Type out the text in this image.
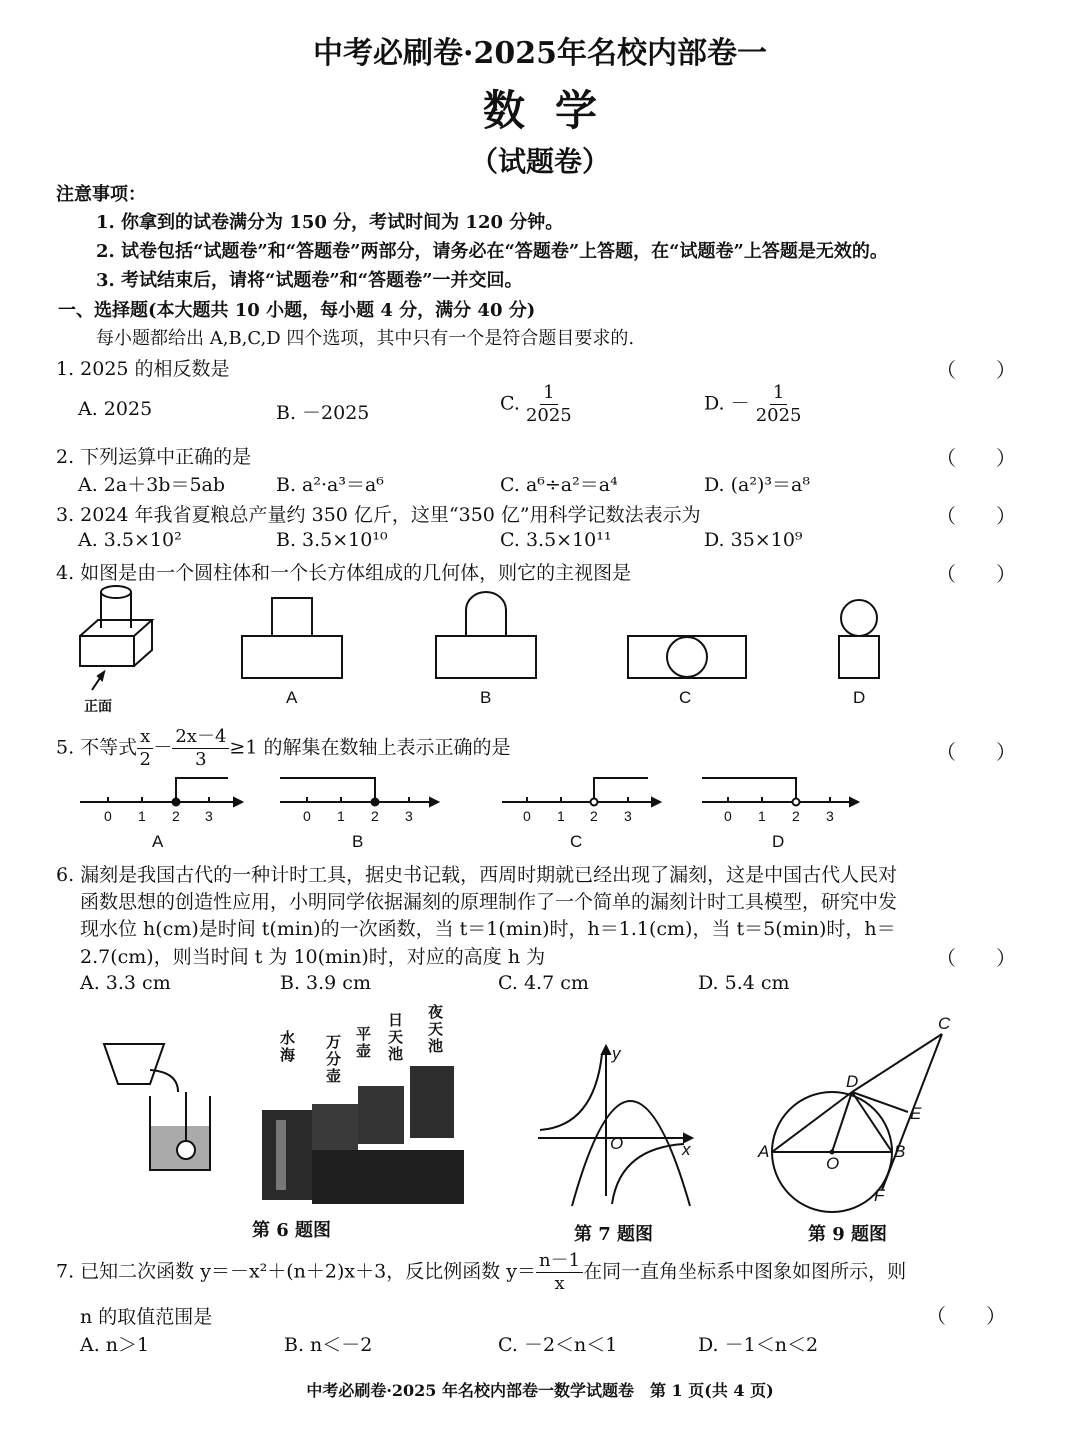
中考必刷卷·2025年名校内部卷一
数学
（试题卷）
注意事项：
1. 你拿到的试卷满分为 150 分，考试时间为 120 分钟。
2. 试卷包括“试题卷”和“答题卷”两部分，请务必在“答题卷”上答题，在“试题卷”上答题是无效的。
3. 考试结束后，请将“试题卷”和“答题卷”一并交回。
一、选择题(本大题共 10 小题，每小题 4 分，满分 40 分)
每小题都给出 A,B,C,D 四个选项，其中只有一个是符合题目要求的.
1. 2025 的相反数是	（　　）
A. 2025	B. －2025	C. $\frac{1}{2025}$	D. － $\frac{1}{2025}$
2. 下列运算中正确的是	（　　）
A. 2a＋3b＝5ab	B. a²·a³＝a⁶	C. a⁶÷a²＝a⁴	D. (a²)³＝a⁸
3. 2024 年我省夏粮总产量约 350 亿斤，这里“350 亿”用科学记数法表示为	（　　）
A. 3.5×10²	B. 3.5×10¹⁰	C. 3.5×10¹¹	D. 35×10⁹
4. 如图是由一个圆柱体和一个长方体组成的几何体，则它的主视图是	（　　）
正面	A	B	C	D
5. 不等式 $\frac{x}{2} - \frac{2x-4}{3} \ge 1$ 的解集在数轴上表示正确的是	（　　）
0 1 2 3	0 1 2 3	0 1 2 3	0 1 2 3
A	B	C	D
6. 漏刻是我国古代的一种计时工具，据史书记载，西周时期就已经出现了漏刻，这是中国古代人民对
函数思想的创造性应用，小明同学依据漏刻的原理制作了一个简单的漏刻计时工具模型，研究中发
现水位 h(cm)是时间 t(min)的一次函数，当 t＝1(min)时，h＝1.1(cm)，当 t＝5(min)时，h＝
2.7(cm)，则当时间 t 为 10(min)时，对应的高度 h 为	（　　）
A. 3.3 cm	B. 3.9 cm	C. 4.7 cm	D. 5.4 cm
水海
万分壶
平壶
日天池
夜天池
第 6 题图
y
x
O
第 7 题图
A	B
C
D
E
F
O
第 9 题图
7. 已知二次函数 y＝－x²＋(n＋2)x＋3，反比例函数 $y= \frac{n-1}{x}$ 在同一直角坐标系中图象如图所示，则
n 的取值范围是	（　　）
A. n＞1	B. n＜－2	C. －2＜n＜1	D. －1＜n＜2
中考必刷卷·2025 年名校内部卷一数学试题卷　第 1 页(共 4 页)
